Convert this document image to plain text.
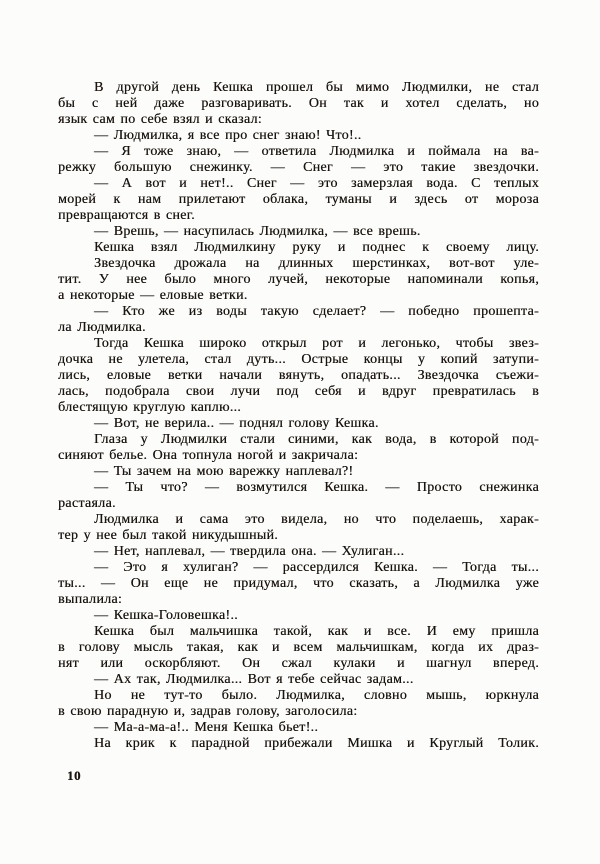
В другой день Кешка прошел бы мимо Людмилки, не стал
бы с ней даже разговаривать. Он так и хотел сделать, но
язык сам по себе взял и сказал:
— Людмилка, я все про снег знаю! Что!..
— Я тоже знаю, — ответила Людмилка и поймала на ва-
режку большую снежинку. — Снег — это такие звездочки.
— А вот и нет!.. Снег — это замерзлая вода. С теплых
морей к нам прилетают облака, туманы и здесь от мороза
превращаются в снег.
— Врешь, — насупилась Людмилка, — все врешь.
Кешка взял Людмилкину руку и поднес к своему лицу.
Звездочка дрожала на длинных шерстинках, вот-вот уле-
тит. У нее было много лучей, некоторые напоминали копья,
а некоторые — еловые ветки.
— Кто же из воды такую сделает? — победно прошепта-
ла Людмилка.
Тогда Кешка широко открыл рот и легонько, чтобы звез-
дочка не улетела, стал дуть... Острые концы у копий затупи-
лись, еловые ветки начали вянуть, опадать... Звездочка съежи-
лась, подобрала свои лучи под себя и вдруг превратилась в
блестящую круглую каплю...
— Вот, не верила.. — поднял голову Кешка.
Глаза у Людмилки стали синими, как вода, в которой под-
синяют белье. Она топнула ногой и закричала:
— Ты зачем на мою варежку наплевал?!
— Ты что? — возмутился Кешка. — Просто снежинка
растаяла.
Людмилка и сама это видела, но что поделаешь, харак-
тер у нее был такой никудышный.
— Нет, наплевал, — твердила она. — Хулиган...
— Это я хулиган? — рассердился Кешка. — Тогда ты...
ты... — Он еще не придумал, что сказать, а Людмилка уже
выпалила:
— Кешка-Головешка!..
Кешка был мальчишка такой, как и все. И ему пришла
в голову мысль такая, как и всем мальчишкам, когда их драз-
нят или оскорбляют. Он сжал кулаки и шагнул вперед.
— Ах так, Людмилка... Вот я тебе сейчас задам...
Но не тут-то было. Людмилка, словно мышь, юркнула
в свою парадную и, задрав голову, заголосила:
— Ма-а-ма-а!.. Меня Кешка бьет!..
На крик к парадной прибежали Мишка и Круглый Толик.
10
